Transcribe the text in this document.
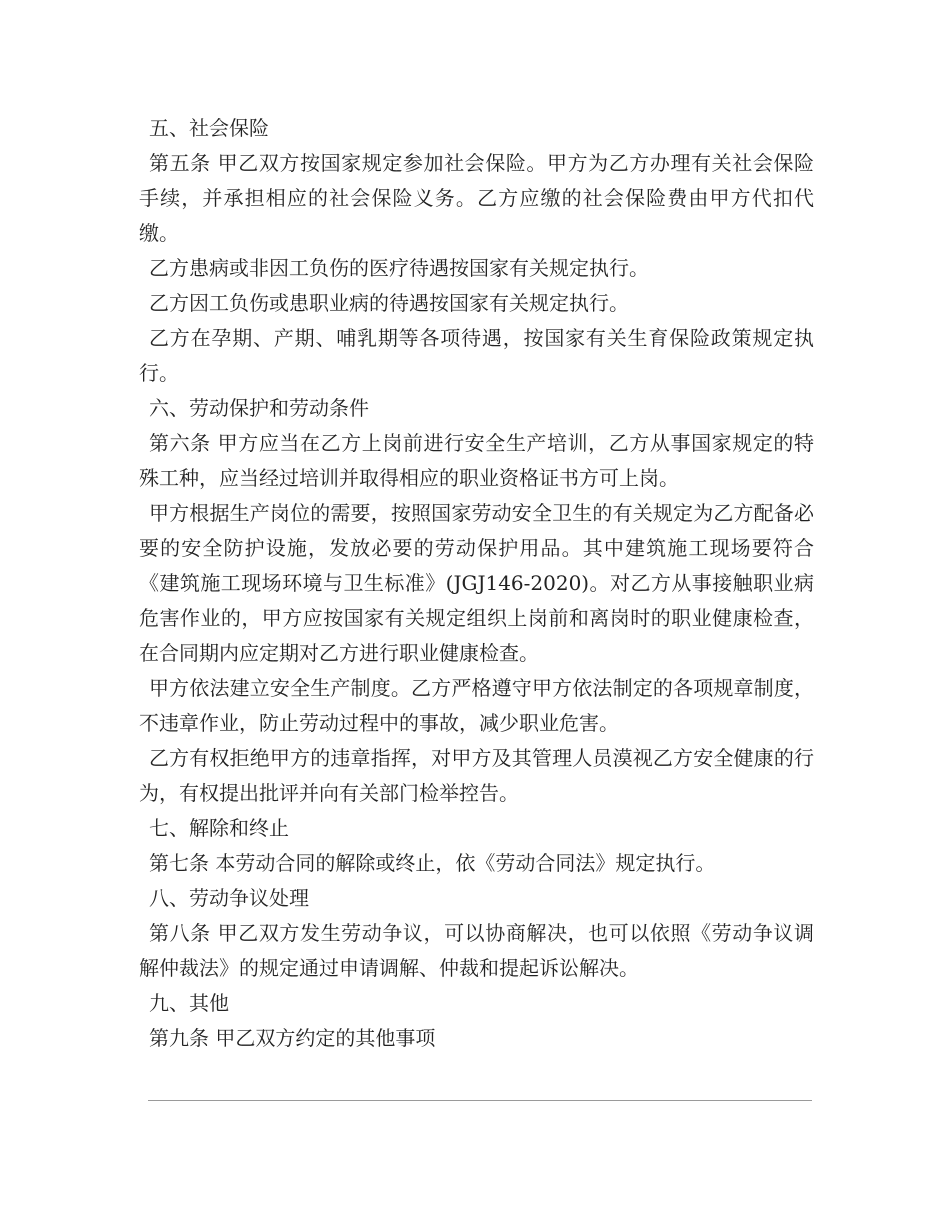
五、社会保险

第五条 甲乙双方按国家规定参加社会保险。甲方为乙方办理有关社会保险手续，并承担相应的社会保险义务。乙方应缴的社会保险费由甲方代扣代缴。

乙方患病或非因工负伤的医疗待遇按国家有关规定执行。

乙方因工负伤或患职业病的待遇按国家有关规定执行。

乙方在孕期、产期、哺乳期等各项待遇，按国家有关生育保险政策规定执行。

六、劳动保护和劳动条件

第六条 甲方应当在乙方上岗前进行安全生产培训，乙方从事国家规定的特殊工种，应当经过培训并取得相应的职业资格证书方可上岗。

甲方根据生产岗位的需要，按照国家劳动安全卫生的有关规定为乙方配备必要的安全防护设施，发放必要的劳动保护用品。其中建筑施工现场要符合《建筑施工现场环境与卫生标准》(JGJ146-2020)。对乙方从事接触职业病危害作业的，甲方应按国家有关规定组织上岗前和离岗时的职业健康检查，在合同期内应定期对乙方进行职业健康检查。

甲方依法建立安全生产制度。乙方严格遵守甲方依法制定的各项规章制度，不违章作业，防止劳动过程中的事故，减少职业危害。

乙方有权拒绝甲方的违章指挥，对甲方及其管理人员漠视乙方安全健康的行为，有权提出批评并向有关部门检举控告。

七、解除和终止

第七条 本劳动合同的解除或终止，依《劳动合同法》规定执行。

八、劳动争议处理

第八条 甲乙双方发生劳动争议，可以协商解决，也可以依照《劳动争议调解仲裁法》的规定通过申请调解、仲裁和提起诉讼解决。

九、其他

第九条 甲乙双方约定的其他事项
